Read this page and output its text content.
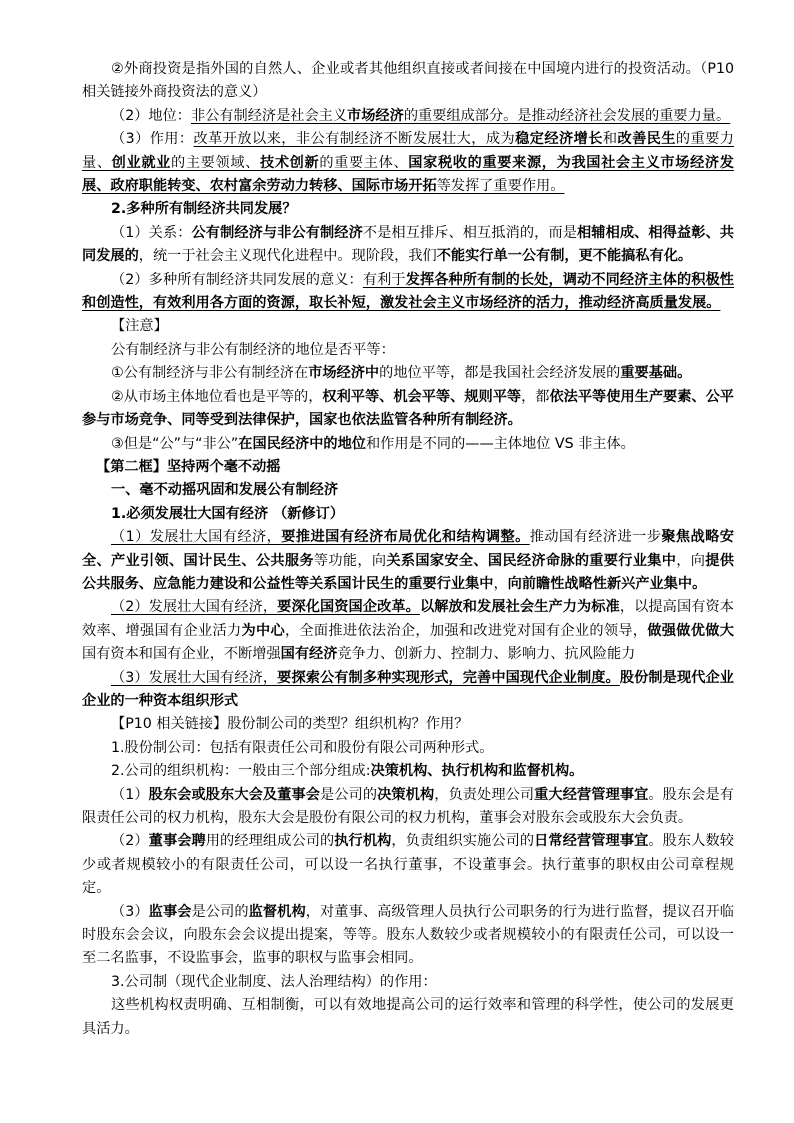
②外商投资是指外国的自然人、企业或者其他组织直接或者间接在中国境内进行的投资活动。（P10 相关链接外商投资法的意义）

（2）地位：非公有制经济是社会主义市场经济的重要组成部分。是推动经济社会发展的重要力量。

（3）作用：改革开放以来，非公有制经济不断发展壮大，成为稳定经济增长和改善民生的重要力量、创业就业的主要领域、技术创新的重要主体、国家税收的重要来源，为我国社会主义市场经济发展、政府职能转变、农村富余劳动力转移、国际市场开拓等发挥了重要作用。

2.多种所有制经济共同发展？

（1）关系：公有制经济与非公有制经济不是相互排斥、相互抵消的，而是相辅相成、相得益彰、共同发展的，统一于社会主义现代化进程中。现阶段，我们不能实行单一公有制，更不能搞私有化。

（2）多种所有制经济共同发展的意义：有利于发挥各种所有制的长处，调动不同经济主体的积极性和创造性，有效利用各方面的资源，取长补短，激发社会主义市场经济的活力，推动经济高质量发展。

【注意】

公有制经济与非公有制经济的地位是否平等：

①公有制经济与非公有制经济在市场经济中的地位平等，都是我国社会经济发展的重要基础。

②从市场主体地位看也是平等的，权利平等、机会平等、规则平等，都依法平等使用生产要素、公平参与市场竞争、同等受到法律保护，国家也依法监管各种所有制经济。

③但是“公”与“非公”在国民经济中的地位和作用是不同的——主体地位 VS 非主体。

【第二框】坚持两个毫不动摇

一、毫不动摇巩固和发展公有制经济

1.必须发展壮大国有经济 （新修订）

（1）发展壮大国有经济，要推进国有经济布局优化和结构调整。推动国有经济进一步聚焦战略安全、产业引领、国计民生、公共服务等功能，向关系国家安全、国民经济命脉的重要行业集中，向提供公共服务、应急能力建设和公益性等关系国计民生的重要行业集中，向前瞻性战略性新兴产业集中。

（2）发展壮大国有经济，要深化国资国企改革。以解放和发展社会生产力为标准，以提高国有资本效率、增强国有企业活力为中心，全面推进依法治企，加强和改进党对国有企业的领导，做强做优做大国有资本和国有企业，不断增强国有经济竞争力、创新力、控制力、影响力、抗风险能力

（3）发展壮大国有经济，要探索公有制多种实现形式，完善中国现代企业制度。股份制是现代企业企业的一种资本组织形式

【P10 相关链接】股份制公司的类型？组织机构？作用？

1.股份制公司：包括有限责任公司和股份有限公司两种形式。

2.公司的组织机构：一般由三个部分组成:决策机构、执行机构和监督机构。

（1）股东会或股东大会及董事会是公司的决策机构，负责处理公司重大经营管理事宜。股东会是有限责任公司的权力机构，股东大会是股份有限公司的权力机构，董事会对股东会或股东大会负责。

（2）董事会聘用的经理组成公司的执行机构，负责组织实施公司的日常经营管理事宜。股东人数较少或者规模较小的有限责任公司，可以设一名执行董事，不设董事会。执行董事的职权由公司章程规定。

（3）监事会是公司的监督机构，对董事、高级管理人员执行公司职务的行为进行监督，提议召开临时股东会会议，向股东会会议提出提案，等等。股东人数较少或者规模较小的有限责任公司，可以设一至二名监事，不设监事会，监事的职权与监事会相同。

3.公司制（现代企业制度、法人治理结构）的作用：

这些机构权责明确、互相制衡，可以有效地提高公司的运行效率和管理的科学性，使公司的发展更具活力。
